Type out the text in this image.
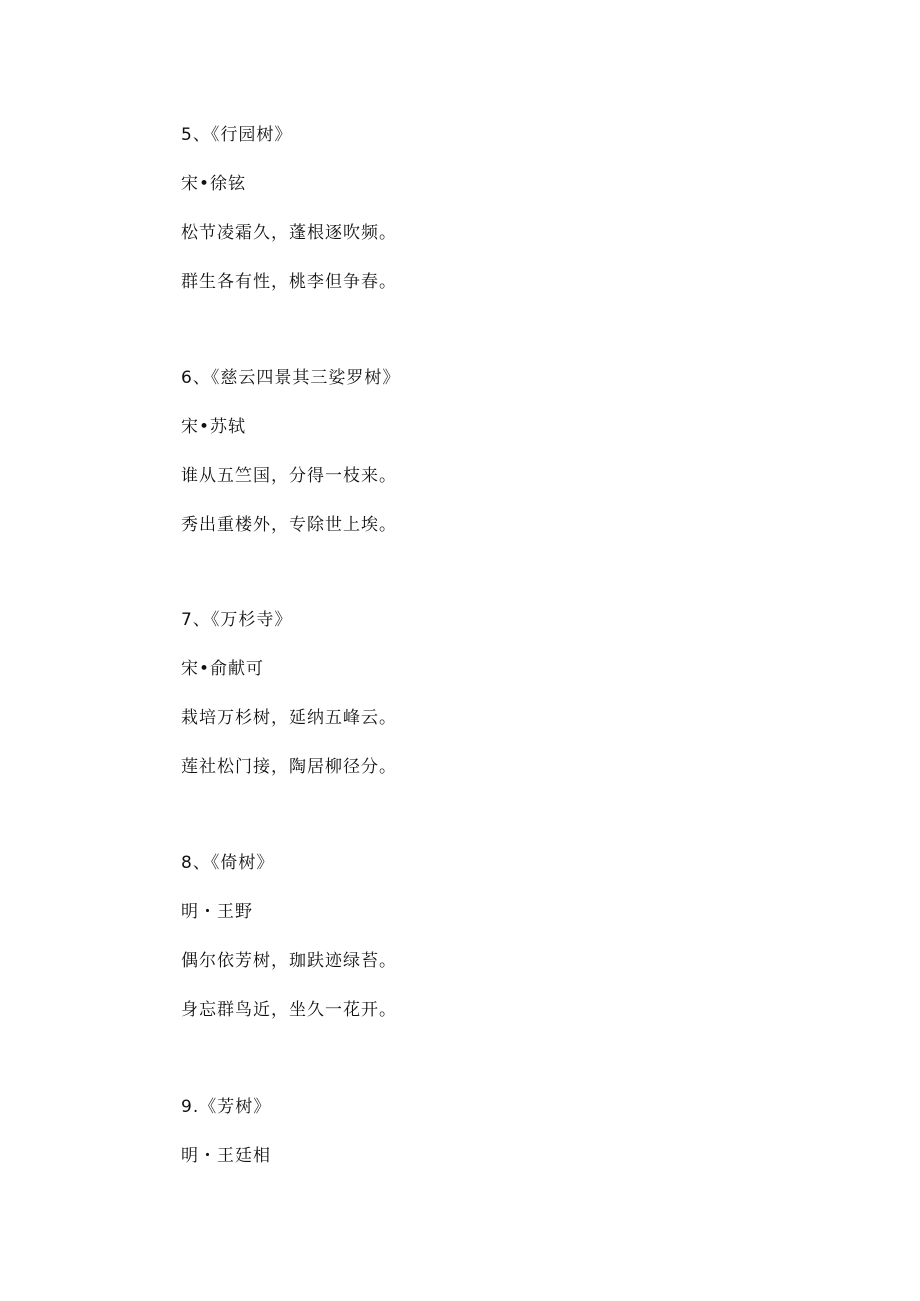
5、《行园树》
宋•徐铉
松节凌霜久，蓬根逐吹频。
群生各有性，桃李但争春。
6、《慈云四景其三娑罗树》
宋•苏轼
谁从五竺国，分得一枝来。
秀出重楼外，专除世上埃。
7、《万杉寺》
宋•俞献可
栽培万杉树，延纳五峰云。
莲社松门接，陶居柳径分。
8、《倚树》
明・王野
偶尔依芳树，珈趺迹绿苔。
身忘群鸟近，坐久一花开。
9.《芳树》
明・王廷相
